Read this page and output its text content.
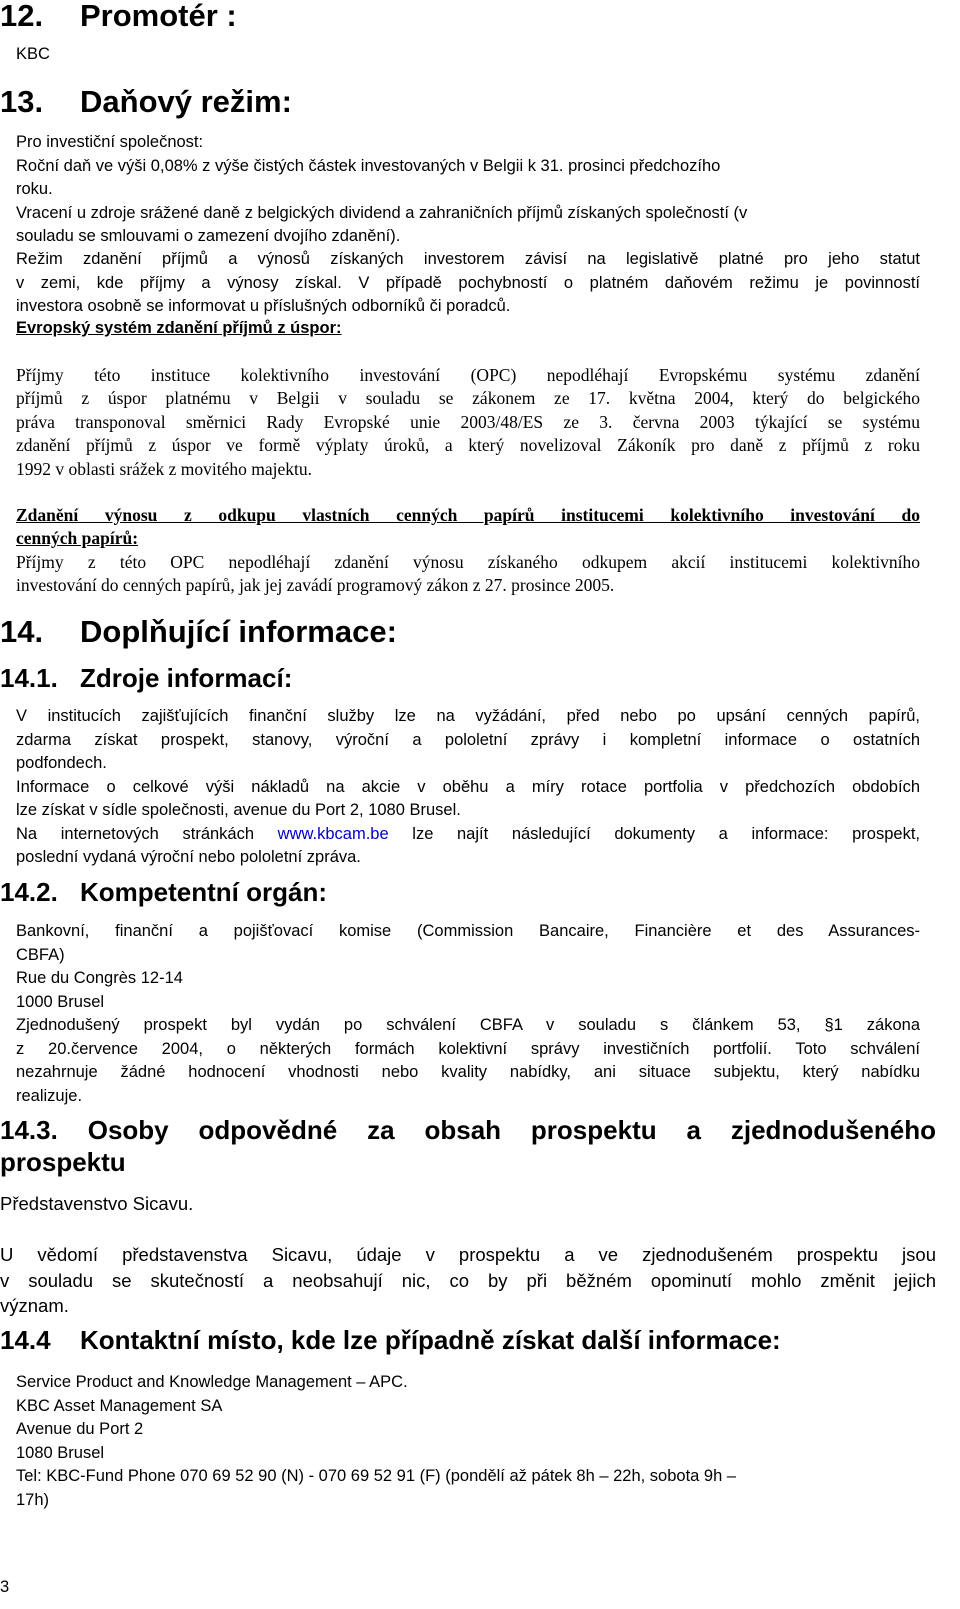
12. Promotér :
KBC
13. Daňový režim:
Pro investiční společnost:
Roční daň ve výši 0,08% z výše čistých částek investovaných v Belgii k 31. prosinci předchozího
roku.
Vracení u zdroje srážené daně z belgických dividend a zahraničních příjmů získaných společností (v
souladu se smlouvami o zamezení dvojího zdanění).
Režim zdanění příjmů a výnosů získaných investorem závisí na legislativě platné pro jeho statut
v zemi, kde příjmy a výnosy získal. V případě pochybností o platném daňovém režimu je povinností
investora osobně se informovat u příslušných odborníků či poradců.
Evropský systém zdanění příjmů z úspor:
Příjmy této instituce kolektivního investování (OPC) nepodléhají Evropskému systému zdanění
příjmů z úspor platnému v Belgii v souladu se zákonem ze 17. května 2004, který do belgického
práva transponoval směrnici Rady Evropské unie 2003/48/ES ze 3. června 2003 týkající se systému
zdanění příjmů z úspor ve formě výplaty úroků, a který novelizoval Zákoník pro daně z příjmů z roku
1992 v oblasti srážek z movitého majektu.
Zdanění výnosu z odkupu vlastních cenných papírů institucemi kolektivního investování do
cenných papírů:
Příjmy z této OPC nepodléhají zdanění výnosu získaného odkupem akcií institucemi kolektivního
investování do cenných papírů, jak jej zavádí programový zákon z 27. prosince 2005.
14. Doplňující informace:
14.1. Zdroje informací:
V institucích zajišťujících finanční služby lze na vyžádání, před nebo po upsání cenných papírů,
zdarma získat prospekt, stanovy, výroční a pololetní zprávy i kompletní informace o ostatních
podfondech.
Informace o celkové výši nákladů na akcie v oběhu a míry rotace portfolia v předchozích obdobích
lze získat v sídle společnosti, avenue du Port 2, 1080 Brusel.
Na internetových stránkách www.kbcam.be lze najít následující dokumenty a informace: prospekt,
poslední vydaná výroční nebo pololetní zpráva.
14.2. Kompetentní orgán:
Bankovní, finanční a pojišťovací komise (Commission Bancaire, Financière et des Assurances-
CBFA)
Rue du Congrès 12-14
1000 Brusel
Zjednodušený prospekt byl vydán po schválení CBFA v souladu s článkem 53, §1 zákona
z 20.července 2004, o některých formách kolektivní správy investičních portfolií. Toto schválení
nezahrnuje žádné hodnocení vhodnosti nebo kvality nabídky, ani situace subjektu, který nabídku
realizuje.
14.3. Osoby odpovědné za obsah prospektu a zjednodušeného
prospektu
Představenstvo Sicavu.
U vědomí představenstva Sicavu, údaje v prospektu a ve zjednodušeném prospektu jsou
v souladu se skutečností a neobsahují nic, co by při běžném opominutí mohlo změnit jejich
význam.
14.4 Kontaktní místo, kde lze případně získat další informace:
Service Product and Knowledge Management – APC.
KBC Asset Management SA
Avenue du Port 2
1080 Brusel
Tel: KBC-Fund Phone 070 69 52 90 (N) - 070 69 52 91 (F) (pondělí až pátek 8h – 22h, sobota 9h –
17h)
3
